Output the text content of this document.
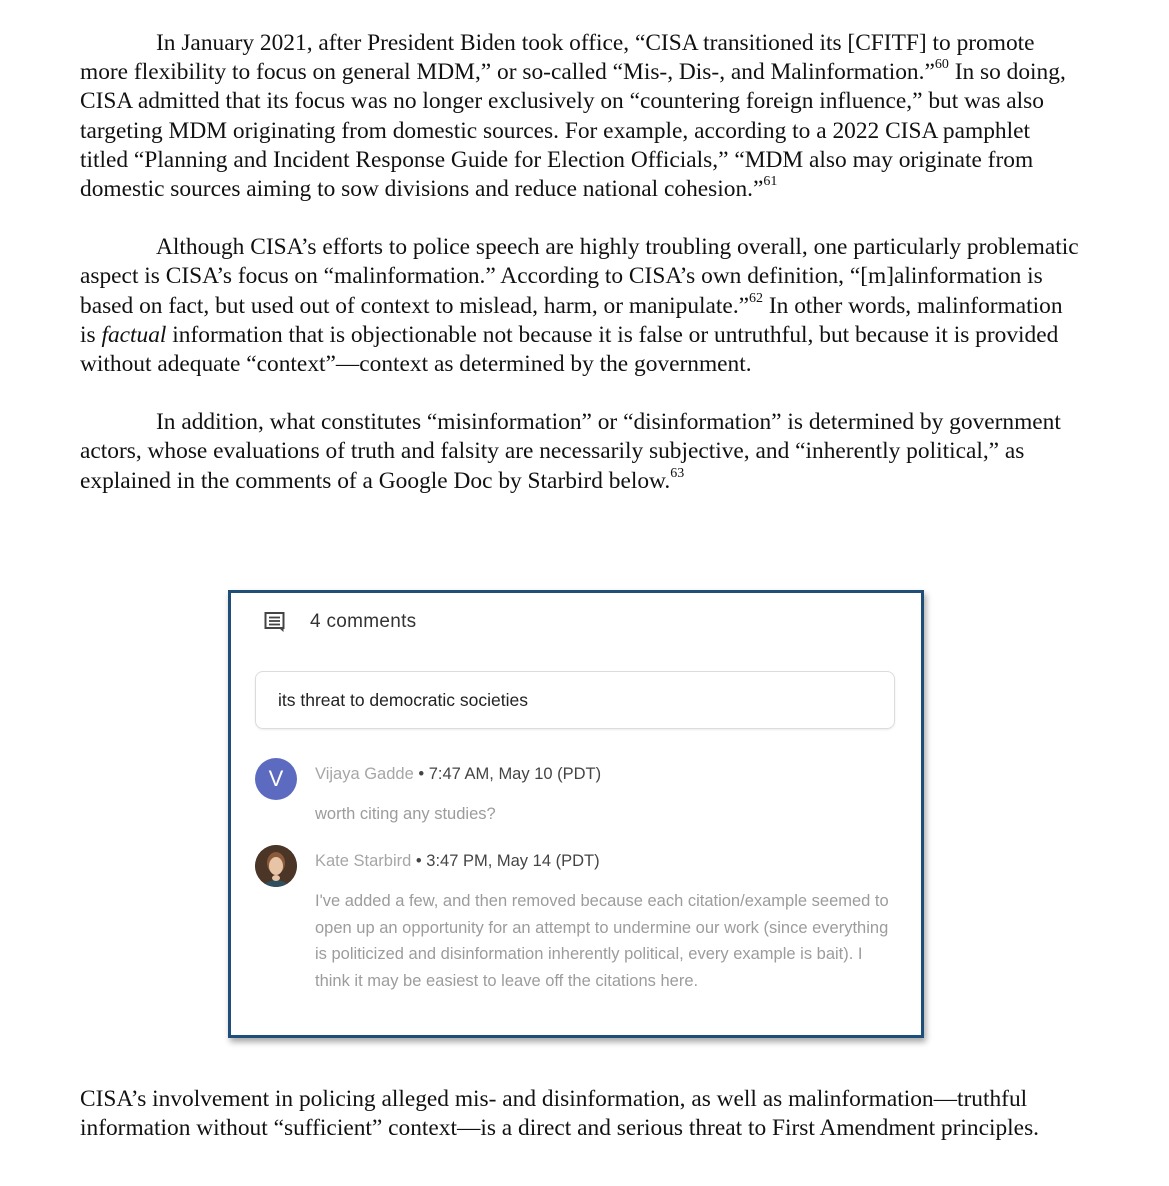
In January 2021, after President Biden took office, “CISA transitioned its [CFITF] to promote more flexibility to focus on general MDM,” or so-called “Mis-, Dis-, and Malinformation.”$^{60}$ In so doing, CISA admitted that its focus was no longer exclusively on “countering foreign influence,” but was also targeting MDM originating from domestic sources. For example, according to a 2022 CISA pamphlet titled “Planning and Incident Response Guide for Election Officials,” “MDM also may originate from domestic sources aiming to sow divisions and reduce national cohesion.”$^{61}$

Although CISA’s efforts to police speech are highly troubling overall, one particularly problematic aspect is CISA’s focus on “malinformation.” According to CISA’s own definition, “[m]alinformation is based on fact, but used out of context to mislead, harm, or manipulate.”$^{62}$ In other words, malinformation is factual information that is objectionable not because it is false or untruthful, but because it is provided without adequate “context”—context as determined by the government.

In addition, what constitutes “misinformation” or “disinformation” is determined by government actors, whose evaluations of truth and falsity are necessarily subjective, and “inherently political,” as explained in the comments of a Google Doc by Starbird below.$^{63}$

4 comments
its threat to democratic societies
V	Vijaya Gadde • 7:47 AM, May 10 (PDT)
worth citing any studies?
Kate Starbird • 3:47 PM, May 14 (PDT)
I've added a few, and then removed because each citation/example seemed to open up an opportunity for an attempt to undermine our work (since everything is politicized and disinformation inherently political, every example is bait). I think it may be easiest to leave off the citations here.

CISA’s involvement in policing alleged mis- and disinformation, as well as malinformation—truthful information without “sufficient” context—is a direct and serious threat to First Amendment principles.
